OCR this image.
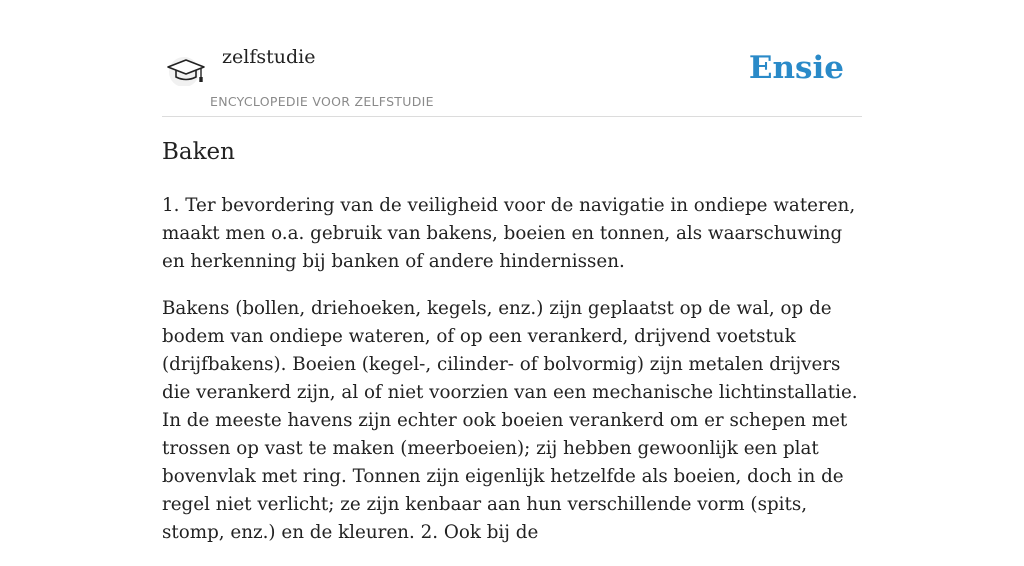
zelfstudie
ENCYCLOPEDIE VOOR ZELFSTUDIE
Ensie
Baken

1. Ter bevordering van de veiligheid voor de navigatie in ondiepe wateren, maakt men o.a. gebruik van bakens, boeien en tonnen, als waarschuwing en herkenning bij banken of andere hindernissen.

Bakens (bollen, driehoeken, kegels, enz.) zijn geplaatst op de wal, op de bodem van ondiepe wateren, of op een verankerd, drijvend voetstuk (drijfbakens). Boeien (kegel-, cilinder- of bolvormig) zijn metalen drijvers die verankerd zijn, al of niet voorzien van een mechanische lichtinstallatie. In de meeste havens zijn echter ook boeien verankerd om er schepen met trossen op vast te maken (meerboeien); zij hebben gewoonlijk een plat bovenvlak met ring. Tonnen zijn eigenlijk hetzelfde als boeien, doch in de regel niet verlicht; ze zijn kenbaar aan hun verschillende vorm (spits, stomp, enz.) en de kleuren. 2. Ook bij de
